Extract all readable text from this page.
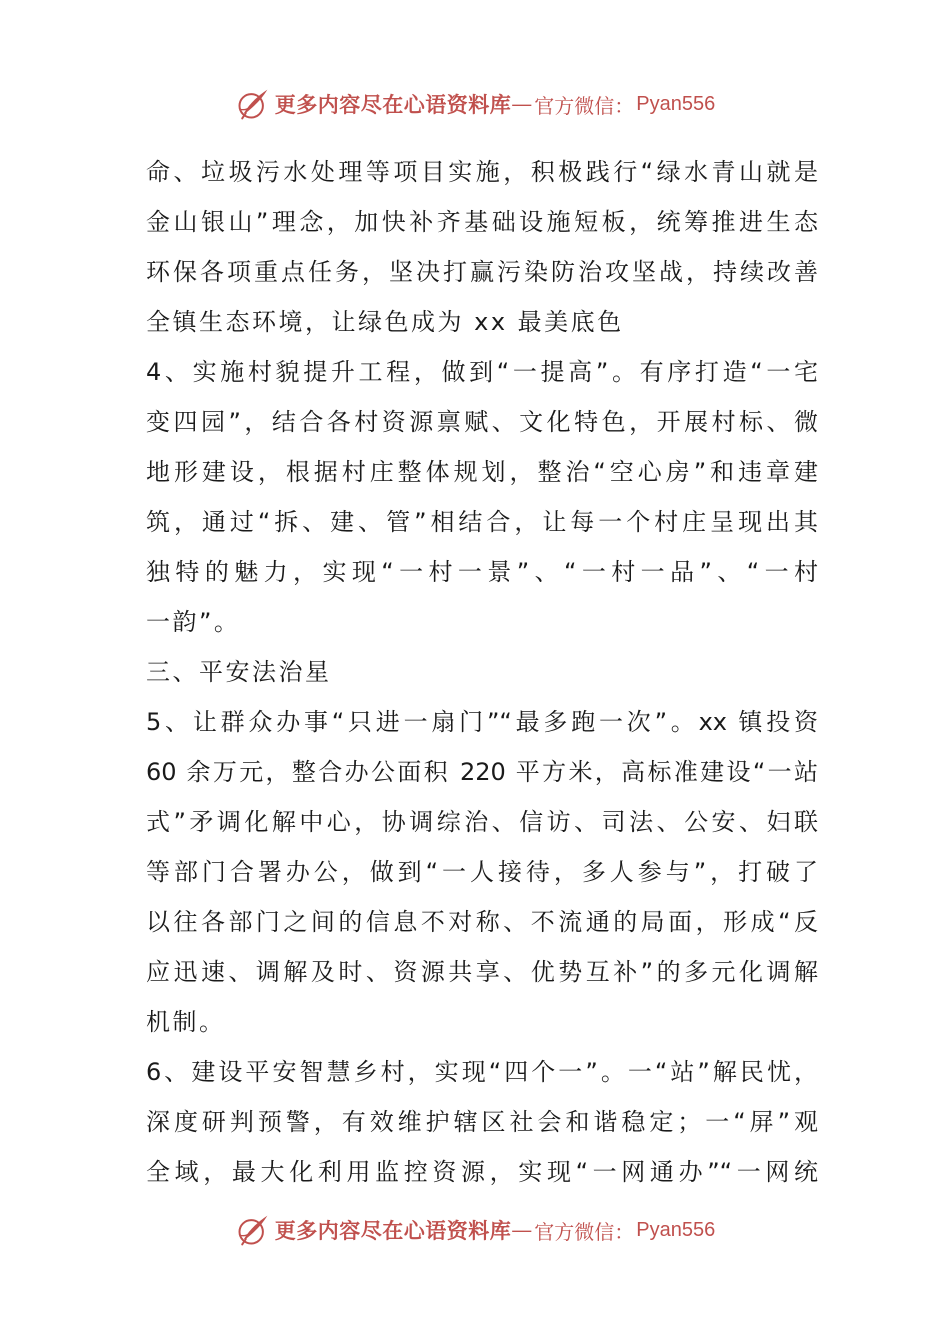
更多内容尽在心语资料库 — 官方微信： Pyan556
命、垃圾污水处理等项目实施，积极践行“绿水青山就是
金山银山”理念，加快补齐基础设施短板，统筹推进生态
环保各项重点任务，坚决打赢污染防治攻坚战，持续改善
全镇生态环境，让绿色成为 xx 最美底色
4、实施村貌提升工程，做到“一提高”。有序打造“一宅
变四园”，结合各村资源禀赋、文化特色，开展村标、微
地形建设，根据村庄整体规划，整治“空心房”和违章建
筑，通过“拆、建、管”相结合，让每一个村庄呈现出其
独特的魅力，实现“一村一景”、“一村一品”、“一村
一韵”。
三、平安法治星
5、让群众办事“只进一扇门”“最多跑一次”。xx 镇投资
60 余万元，整合办公面积 220 平方米，高标准建设“一站
式”矛调化解中心，协调综治、信访、司法、公安、妇联
等部门合署办公，做到“一人接待，多人参与”，打破了
以往各部门之间的信息不对称、不流通的局面，形成“反
应迅速、调解及时、资源共享、优势互补”的多元化调解
机制。
6、建设平安智慧乡村，实现“四个一”。一“站”解民忧，
深度研判预警，有效维护辖区社会和谐稳定；一“屏”观
全域，最大化利用监控资源，实现“一网通办”“一网统
更多内容尽在心语资料库 — 官方微信： Pyan556
